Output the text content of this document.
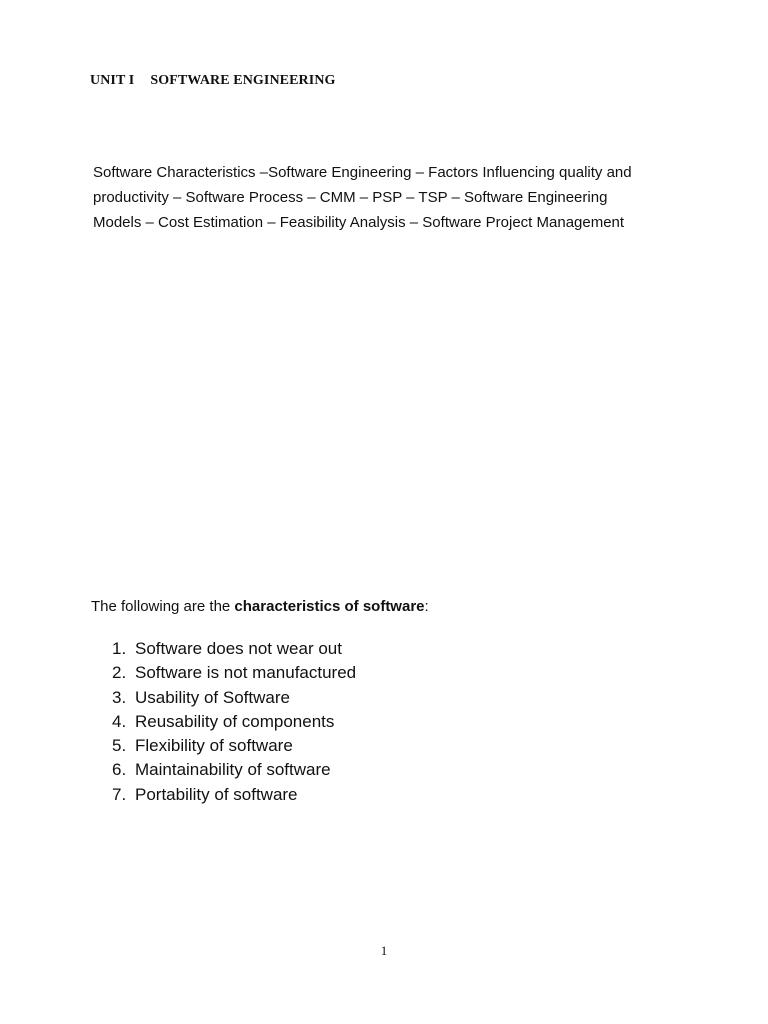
UNIT I SOFTWARE ENGINEERING

Software Characteristics –Software Engineering – Factors Influencing quality and
productivity – Software Process – CMM – PSP – TSP – Software Engineering
Models – Cost Estimation – Feasibility Analysis – Software Project Management

The following are the characteristics of software:

1. Software does not wear out
2. Software is not manufactured
3. Usability of Software
4. Reusability of components
5. Flexibility of software
6. Maintainability of software
7. Portability of software
1
